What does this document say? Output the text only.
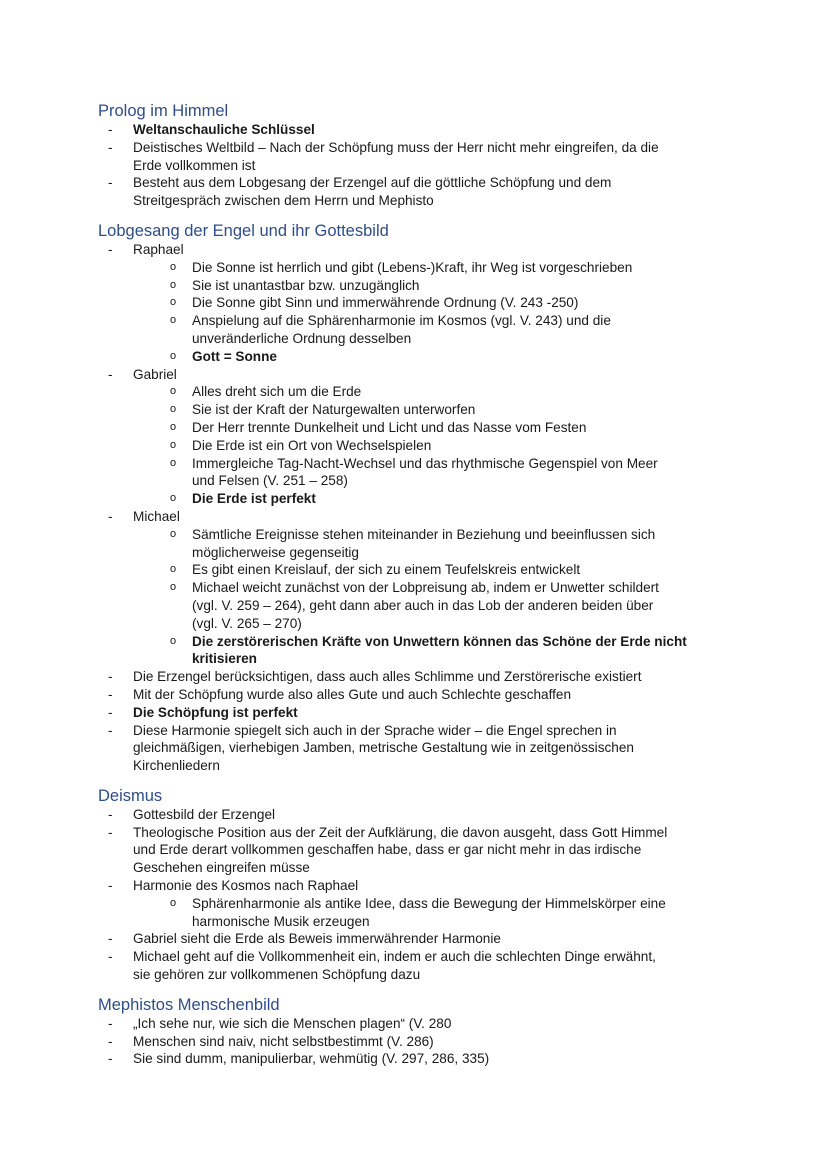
Prolog im Himmel
- Weltanschauliche Schlüssel
- Deistisches Weltbild – Nach der Schöpfung muss der Herr nicht mehr eingreifen, da die
Erde vollkommen ist
- Besteht aus dem Lobgesang der Erzengel auf die göttliche Schöpfung und dem
Streitgespräch zwischen dem Herrn und Mephisto
Lobgesang der Engel und ihr Gottesbild
- Raphael
o Die Sonne ist herrlich und gibt (Lebens-)Kraft, ihr Weg ist vorgeschrieben
o Sie ist unantastbar bzw. unzugänglich
o Die Sonne gibt Sinn und immerwährende Ordnung (V. 243 -250)
o Anspielung auf die Sphärenharmonie im Kosmos (vgl. V. 243) und die
unveränderliche Ordnung desselben
o Gott = Sonne
- Gabriel
o Alles dreht sich um die Erde
o Sie ist der Kraft der Naturgewalten unterworfen
o Der Herr trennte Dunkelheit und Licht und das Nasse vom Festen
o Die Erde ist ein Ort von Wechselspielen
o Immergleiche Tag-Nacht-Wechsel und das rhythmische Gegenspiel von Meer
und Felsen (V. 251 – 258)
o Die Erde ist perfekt
- Michael
o Sämtliche Ereignisse stehen miteinander in Beziehung und beeinflussen sich
möglicherweise gegenseitig
o Es gibt einen Kreislauf, der sich zu einem Teufelskreis entwickelt
o Michael weicht zunächst von der Lobpreisung ab, indem er Unwetter schildert
(vgl. V. 259 – 264), geht dann aber auch in das Lob der anderen beiden über
(vgl. V. 265 – 270)
o Die zerstörerischen Kräfte von Unwettern können das Schöne der Erde nicht
kritisieren
- Die Erzengel berücksichtigen, dass auch alles Schlimme und Zerstörerische existiert
- Mit der Schöpfung wurde also alles Gute und auch Schlechte geschaffen
- Die Schöpfung ist perfekt
- Diese Harmonie spiegelt sich auch in der Sprache wider – die Engel sprechen in
gleichmäßigen, vierhebigen Jamben, metrische Gestaltung wie in zeitgenössischen
Kirchenliedern
Deismus
- Gottesbild der Erzengel
- Theologische Position aus der Zeit der Aufklärung, die davon ausgeht, dass Gott Himmel
und Erde derart vollkommen geschaffen habe, dass er gar nicht mehr in das irdische
Geschehen eingreifen müsse
- Harmonie des Kosmos nach Raphael
o Sphärenharmonie als antike Idee, dass die Bewegung der Himmelskörper eine
harmonische Musik erzeugen
- Gabriel sieht die Erde als Beweis immerwährender Harmonie
- Michael geht auf die Vollkommenheit ein, indem er auch die schlechten Dinge erwähnt,
sie gehören zur vollkommenen Schöpfung dazu
Mephistos Menschenbild
- „Ich sehe nur, wie sich die Menschen plagen“ (V. 280
- Menschen sind naiv, nicht selbstbestimmt (V. 286)
- Sie sind dumm, manipulierbar, wehmütig (V. 297, 286, 335)
